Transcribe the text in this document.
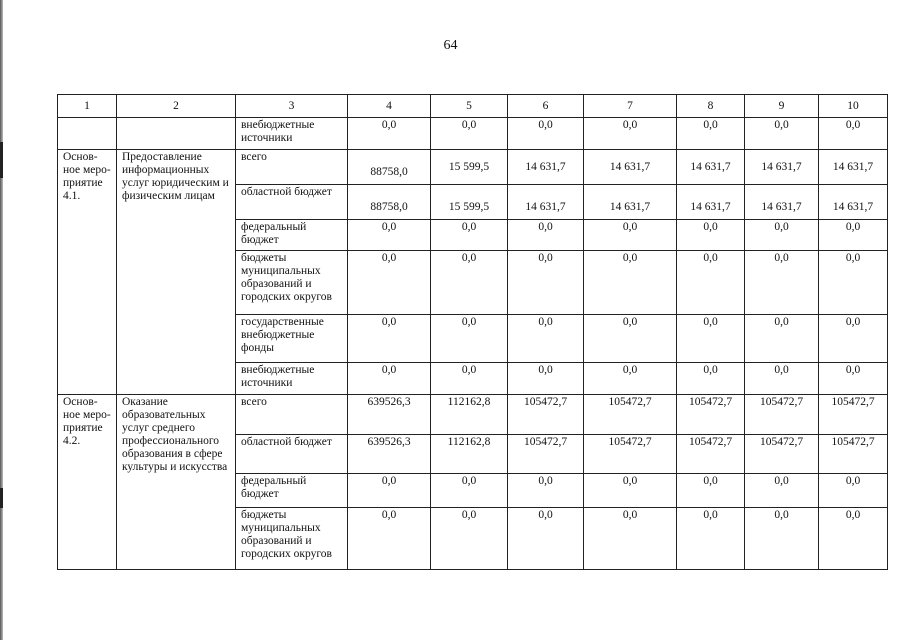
64
1	2	3	4	5	6	7	8	9	10
		внебюджетные источники	0,0	0,0	0,0	0,0	0,0	0,0	0,0
Основ-ное меро-приятие 4.1.	Предоставление информационных услуг юридическим и физическим лицам	всего	88758,0	15 599,5	14 631,7	14 631,7	14 631,7	14 631,7	14 631,7
		областной бюджет	88758,0	15 599,5	14 631,7	14 631,7	14 631,7	14 631,7	14 631,7
		федеральный бюджет	0,0	0,0	0,0	0,0	0,0	0,0	0,0
		бюджеты муниципальных образований и городских округов	0,0	0,0	0,0	0,0	0,0	0,0	0,0
		государственные внебюджетные фонды	0,0	0,0	0,0	0,0	0,0	0,0	0,0
		внебюджетные источники	0,0	0,0	0,0	0,0	0,0	0,0	0,0
Основ-ное меро-приятие 4.2.	Оказание образовательных услуг среднего профессионального образования в сфере культуры и искусства	всего	639526,3	112162,8	105472,7	105472,7	105472,7	105472,7	105472,7
		областной бюджет	639526,3	112162,8	105472,7	105472,7	105472,7	105472,7	105472,7
		федеральный бюджет	0,0	0,0	0,0	0,0	0,0	0,0	0,0
		бюджеты муниципальных образований и городских округов	0,0	0,0	0,0	0,0	0,0	0,0	0,0
